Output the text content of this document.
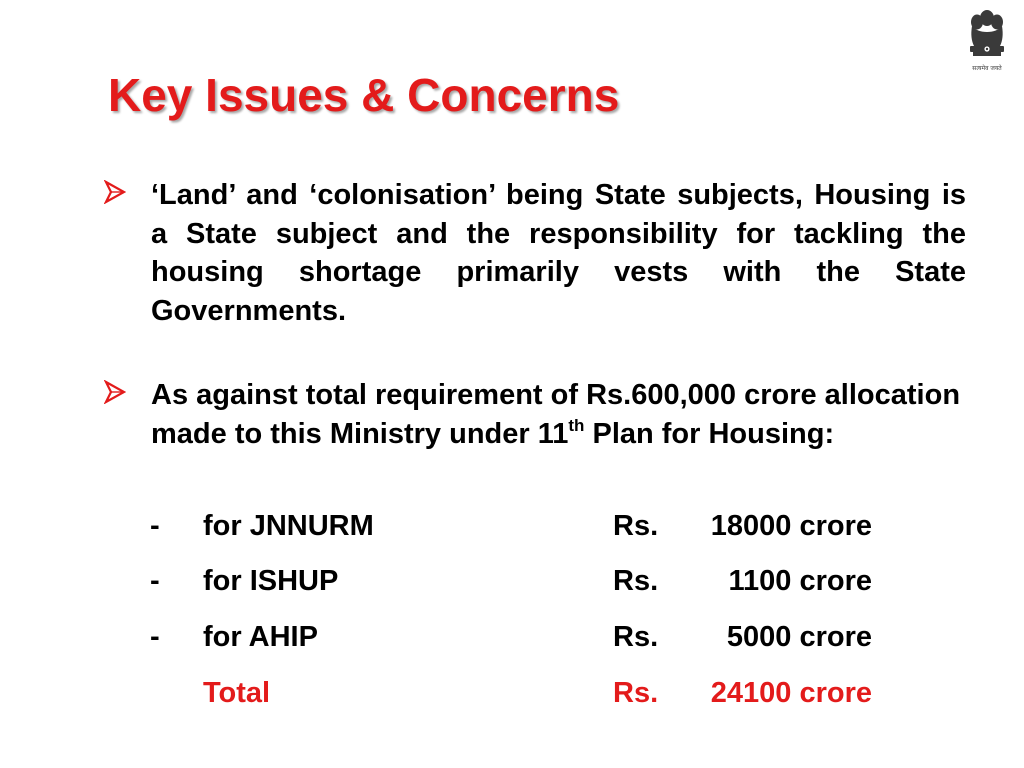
सत्यमेव जयते
Key Issues & Concerns
‘Land’ and ‘colonisation’ being State subjects, Housing is a State subject and the responsibility for tackling the housing shortage primarily vests with the State Governments.
As against total requirement of Rs.600,000 crore allocation made to this Ministry under 11th Plan for Housing:
- for JNNURM	Rs.	18000 crore
- for ISHUP	Rs.	1100 crore
- for AHIP	Rs.	5000 crore
Total	Rs.	24100 crore
